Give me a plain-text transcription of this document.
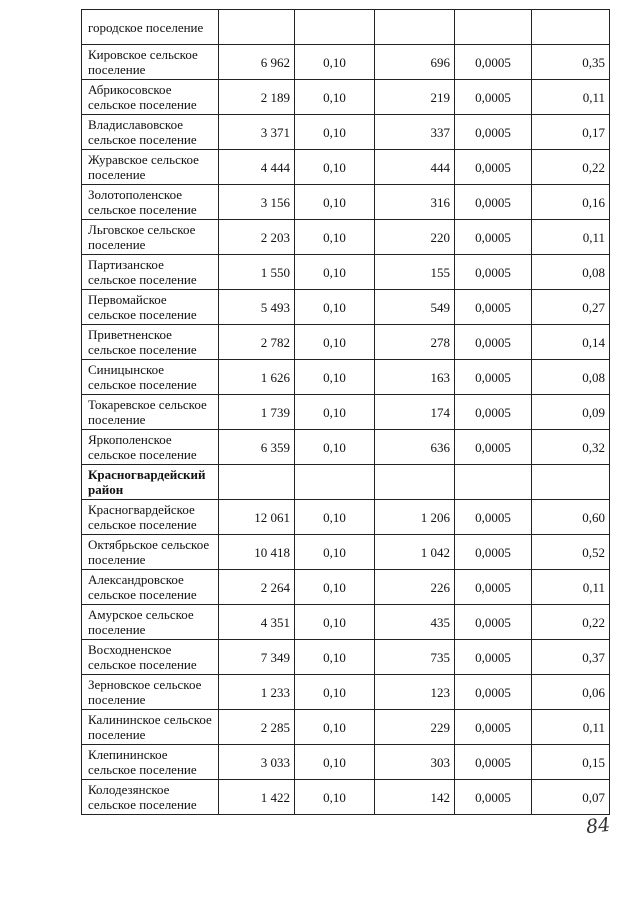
городское поселение					
Кировское сельское поселение	6 962	0,10	696	0,0005	0,35
Абрикосовское сельское поселение	2 189	0,10	219	0,0005	0,11
Владиславовское сельское поселение	3 371	0,10	337	0,0005	0,17
Журавское сельское поселение	4 444	0,10	444	0,0005	0,22
Золотополенское сельское поселение	3 156	0,10	316	0,0005	0,16
Льговское сельское поселение	2 203	0,10	220	0,0005	0,11
Партизанское сельское поселение	1 550	0,10	155	0,0005	0,08
Первомайское сельское поселение	5 493	0,10	549	0,0005	0,27
Приветненское сельское поселение	2 782	0,10	278	0,0005	0,14
Синицынское сельское поселение	1 626	0,10	163	0,0005	0,08
Токаревское сельское поселение	1 739	0,10	174	0,0005	0,09
Яркополенское сельское поселение	6 359	0,10	636	0,0005	0,32
Красногвардейский район					
Красногвардейское сельское поселение	12 061	0,10	1 206	0,0005	0,60
Октябрьское сельское поселение	10 418	0,10	1 042	0,0005	0,52
Александровское сельское поселение	2 264	0,10	226	0,0005	0,11
Амурское сельское поселение	4 351	0,10	435	0,0005	0,22
Восходненское сельское поселение	7 349	0,10	735	0,0005	0,37
Зерновское сельское поселение	1 233	0,10	123	0,0005	0,06
Калининское сельское поселение	2 285	0,10	229	0,0005	0,11
Клепининское сельское поселение	3 033	0,10	303	0,0005	0,15
Колодезянское сельское поселение	1 422	0,10	142	0,0005	0,07
84
